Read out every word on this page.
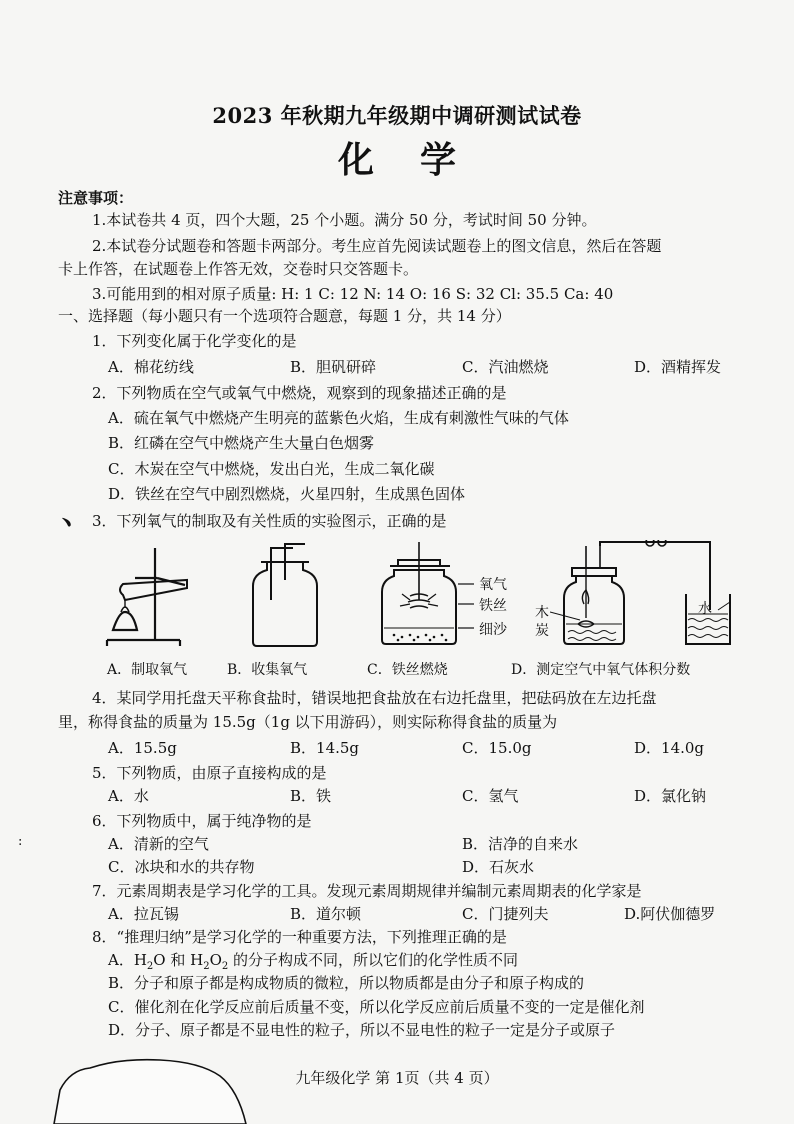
2023 年秋期九年级期中调研测试试卷
化学
注意事项：
1.本试卷共 4 页，四个大题，25 个小题。满分 50 分，考试时间 50 分钟。
2.本试卷分试题卷和答题卡两部分。考生应首先阅读试题卷上的图文信息，然后在答题
卡上作答，在试题卷上作答无效，交卷时只交答题卡。
3.可能用到的相对原子质量: H: 1 C: 12 N: 14 O: 16 S: 32 Cl: 35.5 Ca: 40
一、选择题（每小题只有一个选项符合题意，每题 1 分，共 14 分）
1．下列变化属于化学变化的是
A．棉花纺线	B．胆矾研碎	C．汽油燃烧	D．酒精挥发
2．下列物质在空气或氧气中燃烧，观察到的现象描述正确的是
A．硫在氧气中燃烧产生明亮的蓝紫色火焰，生成有刺激性气味的气体
B．红磷在空气中燃烧产生大量白色烟雾
C．木炭在空气中燃烧，发出白光，生成二氧化碳
D．铁丝在空气中剧烈燃烧，火星四射，生成黑色固体
﹅ 3．下列氧气的制取及有关性质的实验图示，正确的是
A．制取氧气	B．收集氧气
氧气
铁丝
细沙
C．铁丝燃烧
木
炭
水
D．测定空气中氧气体积分数
4．某同学用托盘天平称食盐时，错误地把食盐放在右边托盘里，把砝码放在左边托盘
里，称得食盐的质量为 15.5g（1g 以下用游码），则实际称得食盐的质量为
A．15.5g	B．14.5g	C．15.0g	D．14.0g
5．下列物质，由原子直接构成的是
A．水	B．铁	C．氢气	D．氯化钠
6．下列物质中，属于纯净物的是
:	A．清新的空气	B．洁净的自来水
C．冰块和水的共存物	D．石灰水
7．元素周期表是学习化学的工具。发现元素周期规律并编制元素周期表的化学家是
A．拉瓦锡	B．道尔顿	C．门捷列夫	D.阿伏伽德罗
8．“推理归纳”是学习化学的一种重要方法，下列推理正确的是
A．$H_2O$ 和 $H_2O_2$ 的分子构成不同，所以它们的化学性质不同
B．分子和原子都是构成物质的微粒，所以物质都是由分子和原子构成的
C．催化剂在化学反应前后质量不变，所以化学反应前后质量不变的一定是催化剂
D．分子、原子都是不显电性的粒子，所以不显电性的粒子一定是分子或原子
九年级化学 第 1页（共 4 页）
